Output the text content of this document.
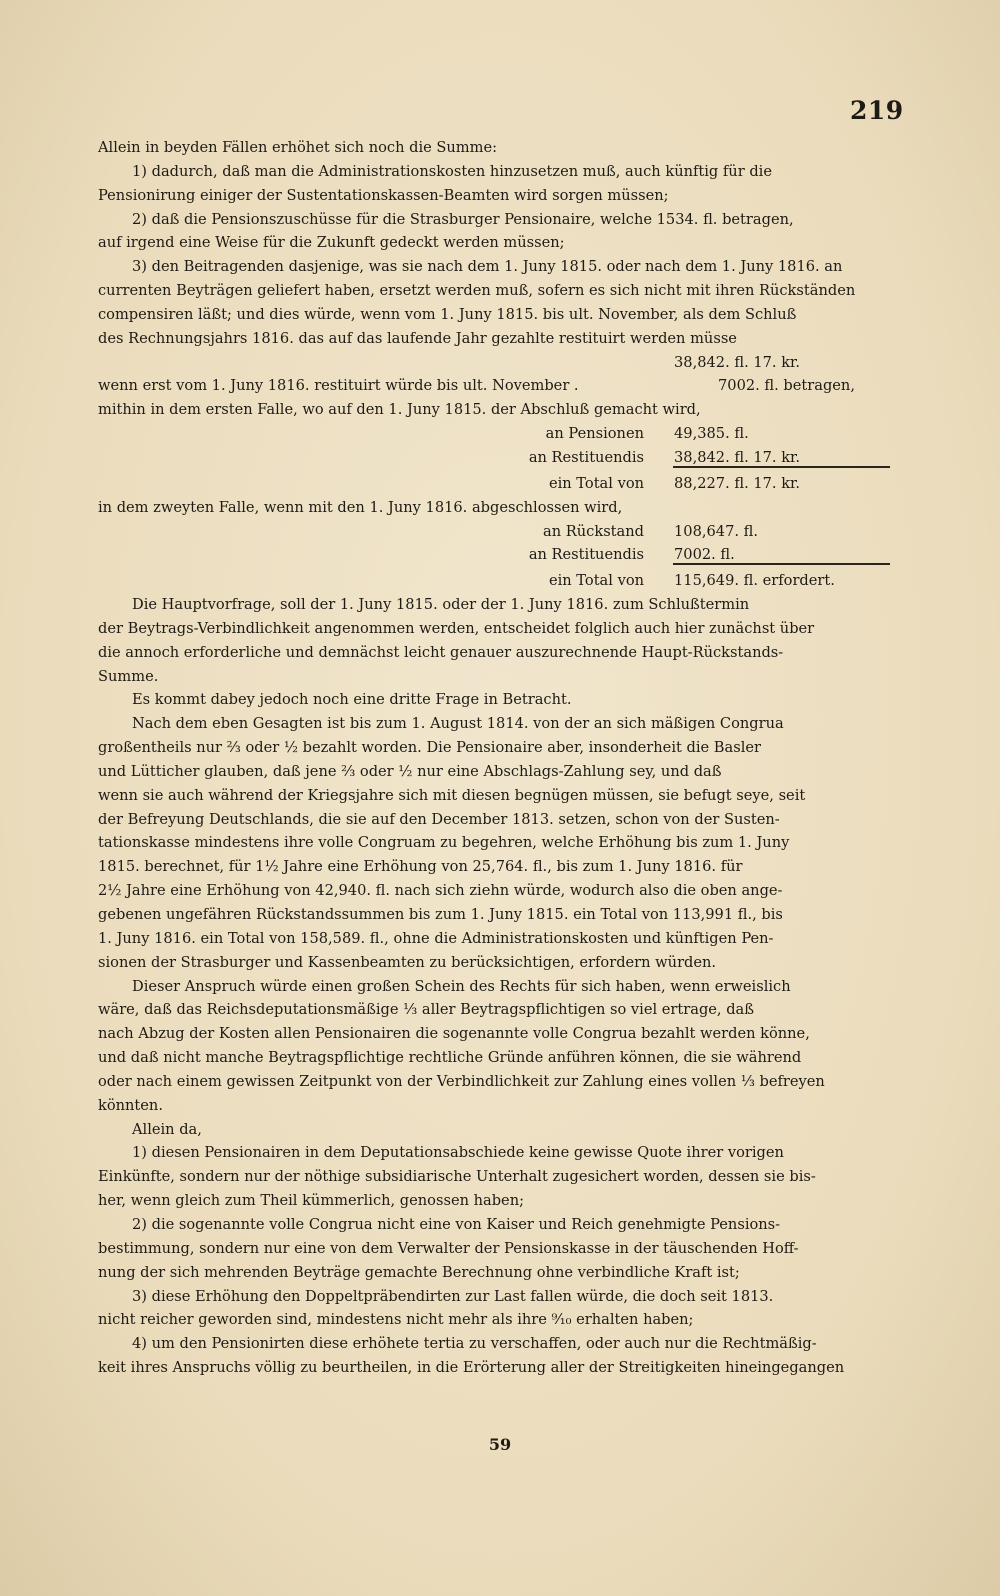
219
Allein in beyden Fällen erhöhet sich noch die Summe:
1) dadurch, daß man die Administrationskosten hinzusetzen muß, auch künftig für die
Pensionirung einiger der Sustentationskassen-Beamten wird sorgen müssen;
2) daß die Pensionszuschüsse für die Strasburger Pensionaire, welche 1534. fl. betragen,
auf irgend eine Weise für die Zukunft gedeckt werden müssen;
3) den Beitragenden dasjenige, was sie nach dem 1. Juny 1815. oder nach dem 1. Juny 1816. an
currenten Beyträgen geliefert haben, ersetzt werden muß, sofern es sich nicht mit ihren Rückständen
compensiren läßt; und dies würde, wenn vom 1. Juny 1815. bis ult. November, als dem Schluß
des Rechnungsjahrs 1816. das auf das laufende Jahr gezahlte restituirt werden müsse
38,842. fl. 17. kr.
wenn erst vom 1. Juny 1816. restituirt würde bis ult. November .	7002. fl. betragen,
mithin in dem ersten Falle, wo auf den 1. Juny 1815. der Abschluß gemacht wird,
an Pensionen	49,385. fl.
an Restituendis	38,842. fl. 17. kr.
ein Total von	88,227. fl. 17. kr.
in dem zweyten Falle, wenn mit den 1. Juny 1816. abgeschlossen wird,
an Rückstand	108,647. fl.
an Restituendis	7002. fl.
ein Total von	115,649. fl. erfordert.
Die Hauptvorfrage, soll der 1. Juny 1815. oder der 1. Juny 1816. zum Schlußtermin
der Beytrags-Verbindlichkeit angenommen werden, entscheidet folglich auch hier zunächst über
die annoch erforderliche und demnächst leicht genauer auszurechnende Haupt-Rückstands-
Summe.
Es kommt dabey jedoch noch eine dritte Frage in Betracht.
Nach dem eben Gesagten ist bis zum 1. August 1814. von der an sich mäßigen Congrua
großentheils nur ⅔ oder ½ bezahlt worden. Die Pensionaire aber, insonderheit die Basler
und Lütticher glauben, daß jene ⅔ oder ½ nur eine Abschlags-Zahlung sey, und daß
wenn sie auch während der Kriegsjahre sich mit diesen begnügen müssen, sie befugt seye, seit
der Befreyung Deutschlands, die sie auf den December 1813. setzen, schon von der Susten-
tationskasse mindestens ihre volle Congruam zu begehren, welche Erhöhung bis zum 1. Juny
1815. berechnet, für 1½ Jahre eine Erhöhung von 25,764. fl., bis zum 1. Juny 1816. für
2½ Jahre eine Erhöhung von 42,940. fl. nach sich ziehn würde, wodurch also die oben ange-
gebenen ungefähren Rückstandssummen bis zum 1. Juny 1815. ein Total von 113,991 fl., bis
1. Juny 1816. ein Total von 158,589. fl., ohne die Administrationskosten und künftigen Pen-
sionen der Strasburger und Kassenbeamten zu berücksichtigen, erfordern würden.
Dieser Anspruch würde einen großen Schein des Rechts für sich haben, wenn erweislich
wäre, daß das Reichsdeputationsmäßige ⅓ aller Beytragspflichtigen so viel ertrage, daß
nach Abzug der Kosten allen Pensionairen die sogenannte volle Congrua bezahlt werden könne,
und daß nicht manche Beytragspflichtige rechtliche Gründe anführen können, die sie während
oder nach einem gewissen Zeitpunkt von der Verbindlichkeit zur Zahlung eines vollen ⅓ befreyen
könnten.
Allein da,
1) diesen Pensionairen in dem Deputationsabschiede keine gewisse Quote ihrer vorigen
Einkünfte, sondern nur der nöthige subsidiarische Unterhalt zugesichert worden, dessen sie bis-
her, wenn gleich zum Theil kümmerlich, genossen haben;
2) die sogenannte volle Congrua nicht eine von Kaiser und Reich genehmigte Pensions-
bestimmung, sondern nur eine von dem Verwalter der Pensionskasse in der täuschenden Hoff-
nung der sich mehrenden Beyträge gemachte Berechnung ohne verbindliche Kraft ist;
3) diese Erhöhung den Doppeltpräbendirten zur Last fallen würde, die doch seit 1813.
nicht reicher geworden sind, mindestens nicht mehr als ihre ⁹⁄₁₀ erhalten haben;
4) um den Pensionirten diese erhöhete tertia zu verschaffen, oder auch nur die Rechtmäßig-
keit ihres Anspruchs völlig zu beurtheilen, in die Erörterung aller der Streitigkeiten hineingegangen
59
